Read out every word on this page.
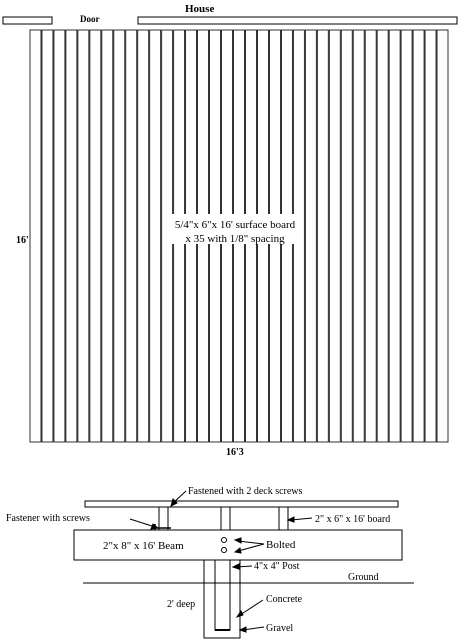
House
Door
5/4"x 6"x 16' surface board
x 35 with 1/8" spacing
16'
16'3
Fastened with 2 deck screws
Fastener with screws	2" x 6" x 16' board
2"x 8" x 16' Beam	Bolted
4"x 4" Post
Ground
2' deep	Concrete
Gravel
